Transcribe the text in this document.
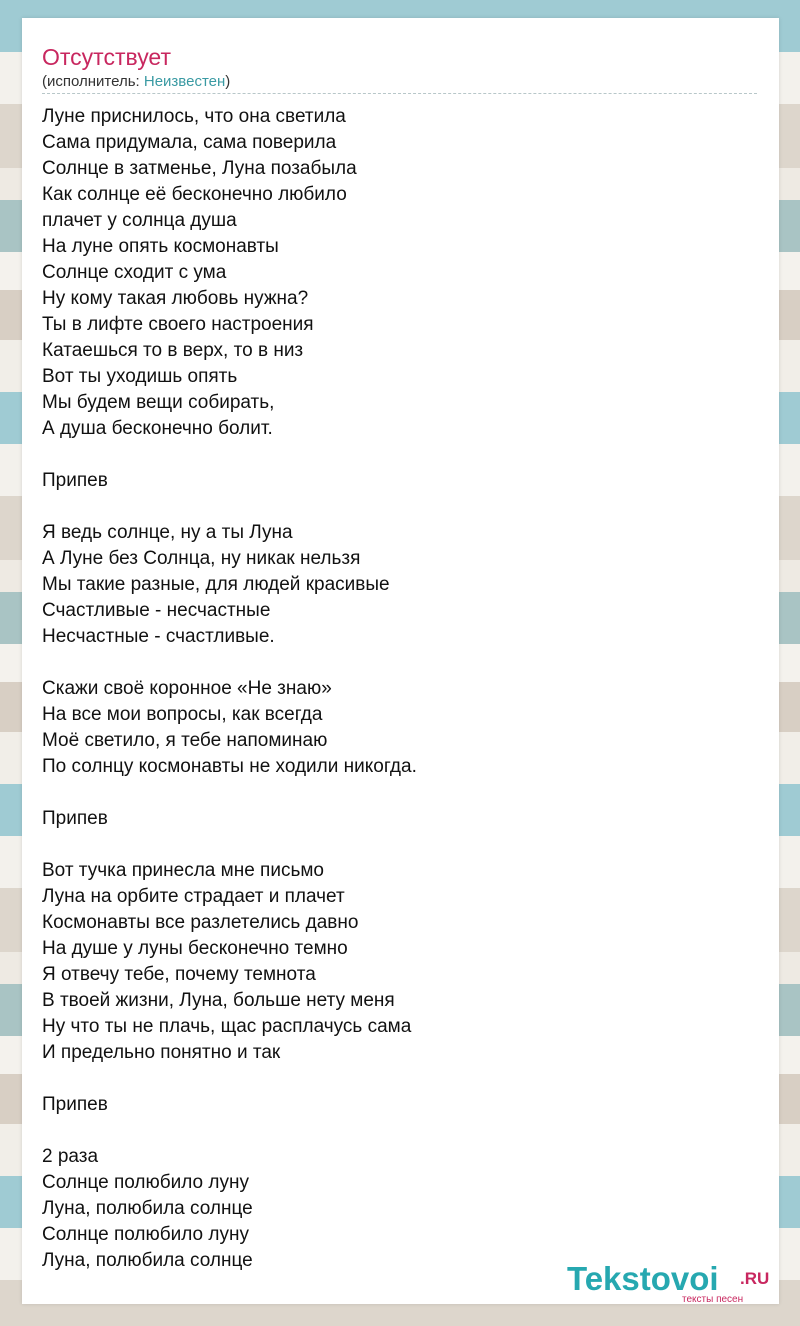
Отсутствует
(исполнитель: Неизвестен)
Луне приснилось, что она светила
Сама придумала, сама поверила
Солнце в затменье, Луна позабыла
Как солнце её бесконечно любило
плачет у солнца душа
На луне опять космонавты
Солнце сходит с ума
Ну кому такая любовь нужна?
Ты в лифте своего настроения
Катаешься то в верх, то в низ
Вот ты уходишь опять
Мы будем вещи собирать,
А душа бесконечно болит.
Припев
Я ведь солнце, ну а ты Луна
А Луне без Солнца, ну никак нельзя
Мы такие разные, для людей красивые
Счастливые - несчастные
Несчастные - счастливые.
Скажи своё коронное «Не знаю»
На все мои вопросы, как всегда
Моё светило, я тебе напоминаю
По солнцу космонавты не ходили никогда.
Припев
Вот тучка принесла мне письмо
Луна на орбите страдает и плачет
Космонавты все разлетелись давно
На душе у луны бесконечно темно
Я отвечу тебе, почему темнота
В твоей жизни, Луна, больше нету меня
Ну что ты не плачь, щас расплачусь сама
И предельно понятно и так
Припев
2 раза
Солнце полюбило луну
Луна, полюбила солнце
Солнце полюбило луну
Луна, полюбила солнце	Tekstovoi .RU
тексты песен
